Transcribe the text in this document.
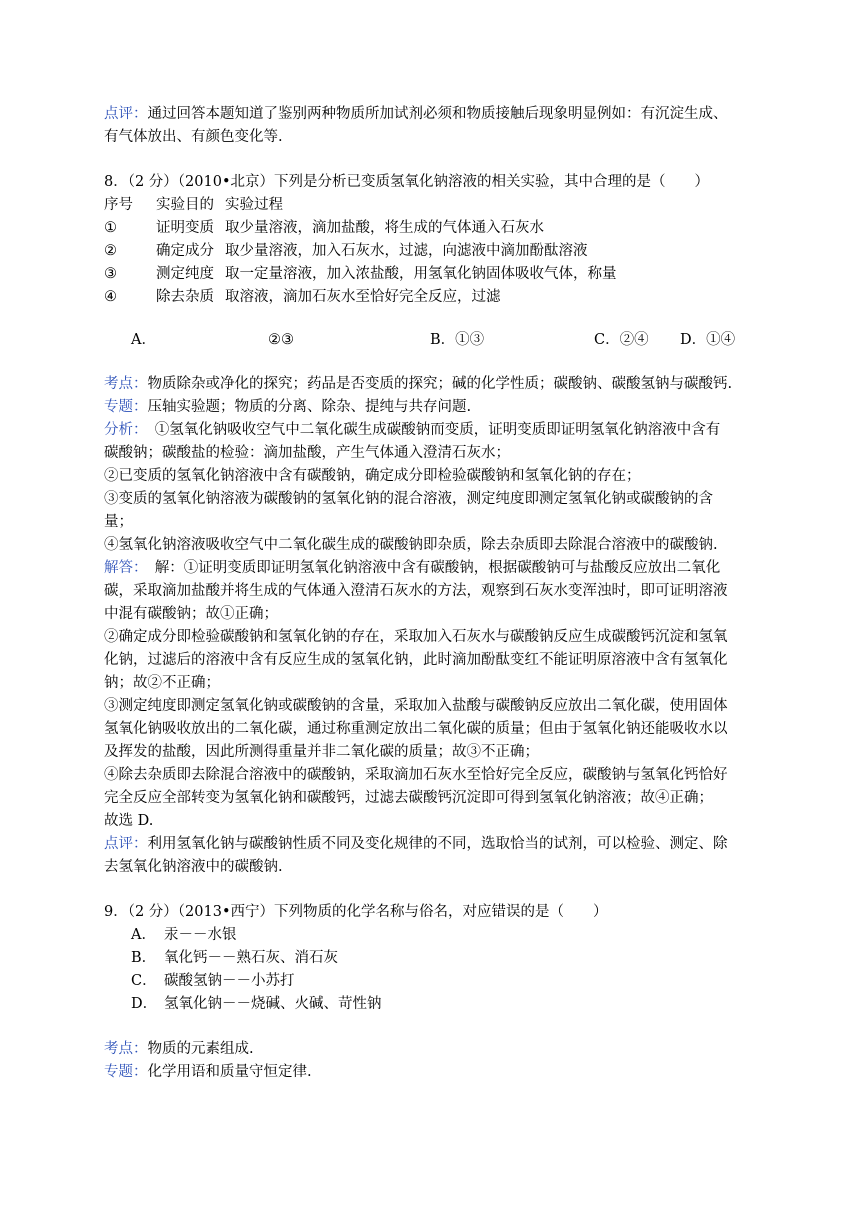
点评：通过回答本题知道了鉴别两种物质所加试剂必须和物质接触后现象明显例如：有沉淀生成、
有气体放出、有颜色变化等.
8．（2 分）（2010•北京）下列是分析已变质氢氧化钠溶液的相关实验，其中合理的是（　　）
序号 实验目的 实验过程
①	证明变质 取少量溶液，滴加盐酸，将生成的气体通入石灰水
②	确定成分 取少量溶液，加入石灰水，过滤，向滤液中滴加酚酞溶液
③	测定纯度 取一定量溶液，加入浓盐酸，用氢氧化钠固体吸收气体，称量
④	除去杂质 取溶液，滴加石灰水至恰好完全反应，过滤
A．	②③	B．①③	C．②④ D．①④
考点：物质除杂或净化的探究；药品是否变质的探究；碱的化学性质；碳酸钠、碳酸氢钠与碳酸钙.
专题：压轴实验题；物质的分离、除杂、提纯与共存问题.
分析：　①氢氧化钠吸收空气中二氧化碳生成碳酸钠而变质，证明变质即证明氢氧化钠溶液中含有
碳酸钠；碳酸盐的检验：滴加盐酸，产生气体通入澄清石灰水；
②已变质的氢氧化钠溶液中含有碳酸钠，确定成分即检验碳酸钠和氢氧化钠的存在；
③变质的氢氧化钠溶液为碳酸钠的氢氧化钠的混合溶液，测定纯度即测定氢氧化钠或碳酸钠的含
量；
④氢氧化钠溶液吸收空气中二氧化碳生成的碳酸钠即杂质，除去杂质即去除混合溶液中的碳酸钠.
解答：　解：①证明变质即证明氢氧化钠溶液中含有碳酸钠，根据碳酸钠可与盐酸反应放出二氧化
碳，采取滴加盐酸并将生成的气体通入澄清石灰水的方法，观察到石灰水变浑浊时，即可证明溶液
中混有碳酸钠；故①正确；
②确定成分即检验碳酸钠和氢氧化钠的存在，采取加入石灰水与碳酸钠反应生成碳酸钙沉淀和氢氧
化钠，过滤后的溶液中含有反应生成的氢氧化钠，此时滴加酚酞变红不能证明原溶液中含有氢氧化
钠；故②不正确；
③测定纯度即测定氢氧化钠或碳酸钠的含量，采取加入盐酸与碳酸钠反应放出二氧化碳，使用固体
氢氧化钠吸收放出的二氧化碳，通过称重测定放出二氧化碳的质量；但由于氢氧化钠还能吸收水以
及挥发的盐酸，因此所测得重量并非二氧化碳的质量；故③不正确；
④除去杂质即去除混合溶液中的碳酸钠，采取滴加石灰水至恰好完全反应，碳酸钠与氢氧化钙恰好
完全反应全部转变为氢氧化钠和碳酸钙，过滤去碳酸钙沉淀即可得到氢氧化钠溶液；故④正确；
故选 D.
点评：利用氢氧化钠与碳酸钠性质不同及变化规律的不同，选取恰当的试剂，可以检验、测定、除
去氢氧化钠溶液中的碳酸钠.
9．（2 分）（2013•西宁）下列物质的化学名称与俗名，对应错误的是（　　）
A． 汞－－水银
B． 氧化钙－－熟石灰、消石灰
C． 碳酸氢钠－－小苏打
D． 氢氧化钠－－烧碱、火碱、苛性钠
考点：物质的元素组成.
专题：化学用语和质量守恒定律.
